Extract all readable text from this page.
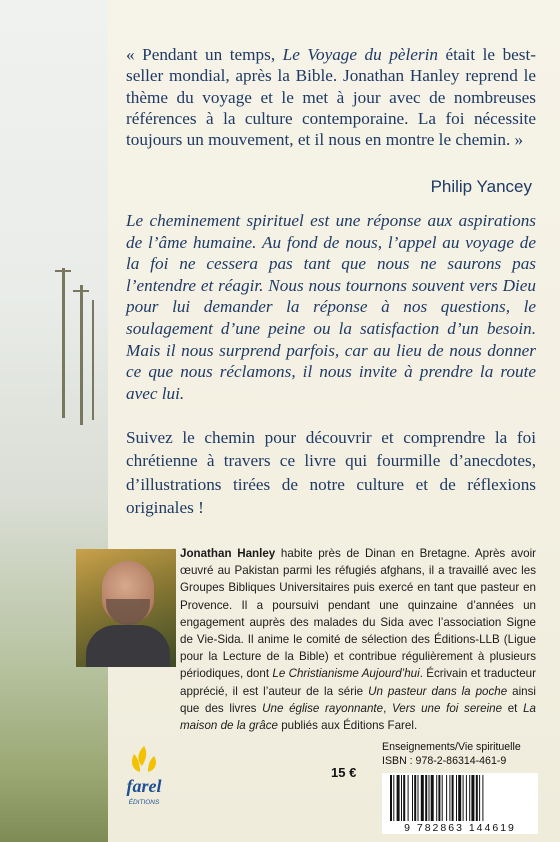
« Pendant un temps, Le Voyage du pèlerin était le best-seller mondial, après la Bible. Jonathan Hanley reprend le thème du voyage et le met à jour avec de nombreuses références à la culture contemporaine. La foi nécessite toujours un mouvement, et il nous en montre le chemin. »
Philip Yancey
Le cheminement spirituel est une réponse aux aspirations de l’âme humaine. Au fond de nous, l’appel au voyage de la foi ne cessera pas tant que nous ne saurons pas l’entendre et réagir. Nous nous tournons souvent vers Dieu pour lui demander la réponse à nos questions, le soulagement d’une peine ou la satisfaction d’un besoin. Mais il nous surprend parfois, car au lieu de nous donner ce que nous réclamons, il nous invite à prendre la route avec lui.
Suivez le chemin pour découvrir et comprendre la foi chrétienne à travers ce livre qui fourmille d’anecdotes, d’illustrations tirées de notre culture et de réflexions originales !
Jonathan Hanley habite près de Dinan en Bretagne. Après avoir œuvré au Pakistan parmi les réfugiés afghans, il a travaillé avec les Groupes Bibliques Universitaires puis exercé en tant que pasteur en Provence. Il a poursuivi pendant une quinzaine d’années un engagement auprès des malades du Sida avec l’association Signe de Vie-Sida. Il anime le comité de sélection des Éditions-LLB (Ligue pour la Lecture de la Bible) et contribue régulièrement à plusieurs périodiques, dont Le Christianisme Aujourd’hui. Écrivain et traducteur apprécié, il est l’auteur de la série Un pasteur dans la poche ainsi que des livres Une église rayonnante, Vers une foi sereine et La maison de la grâce publiés aux Éditions Farel.
farel
ÉDITIONS
15 €
Enseignements/Vie spirituelle
ISBN : 978-2-86314-461-9
9 782863 144619
